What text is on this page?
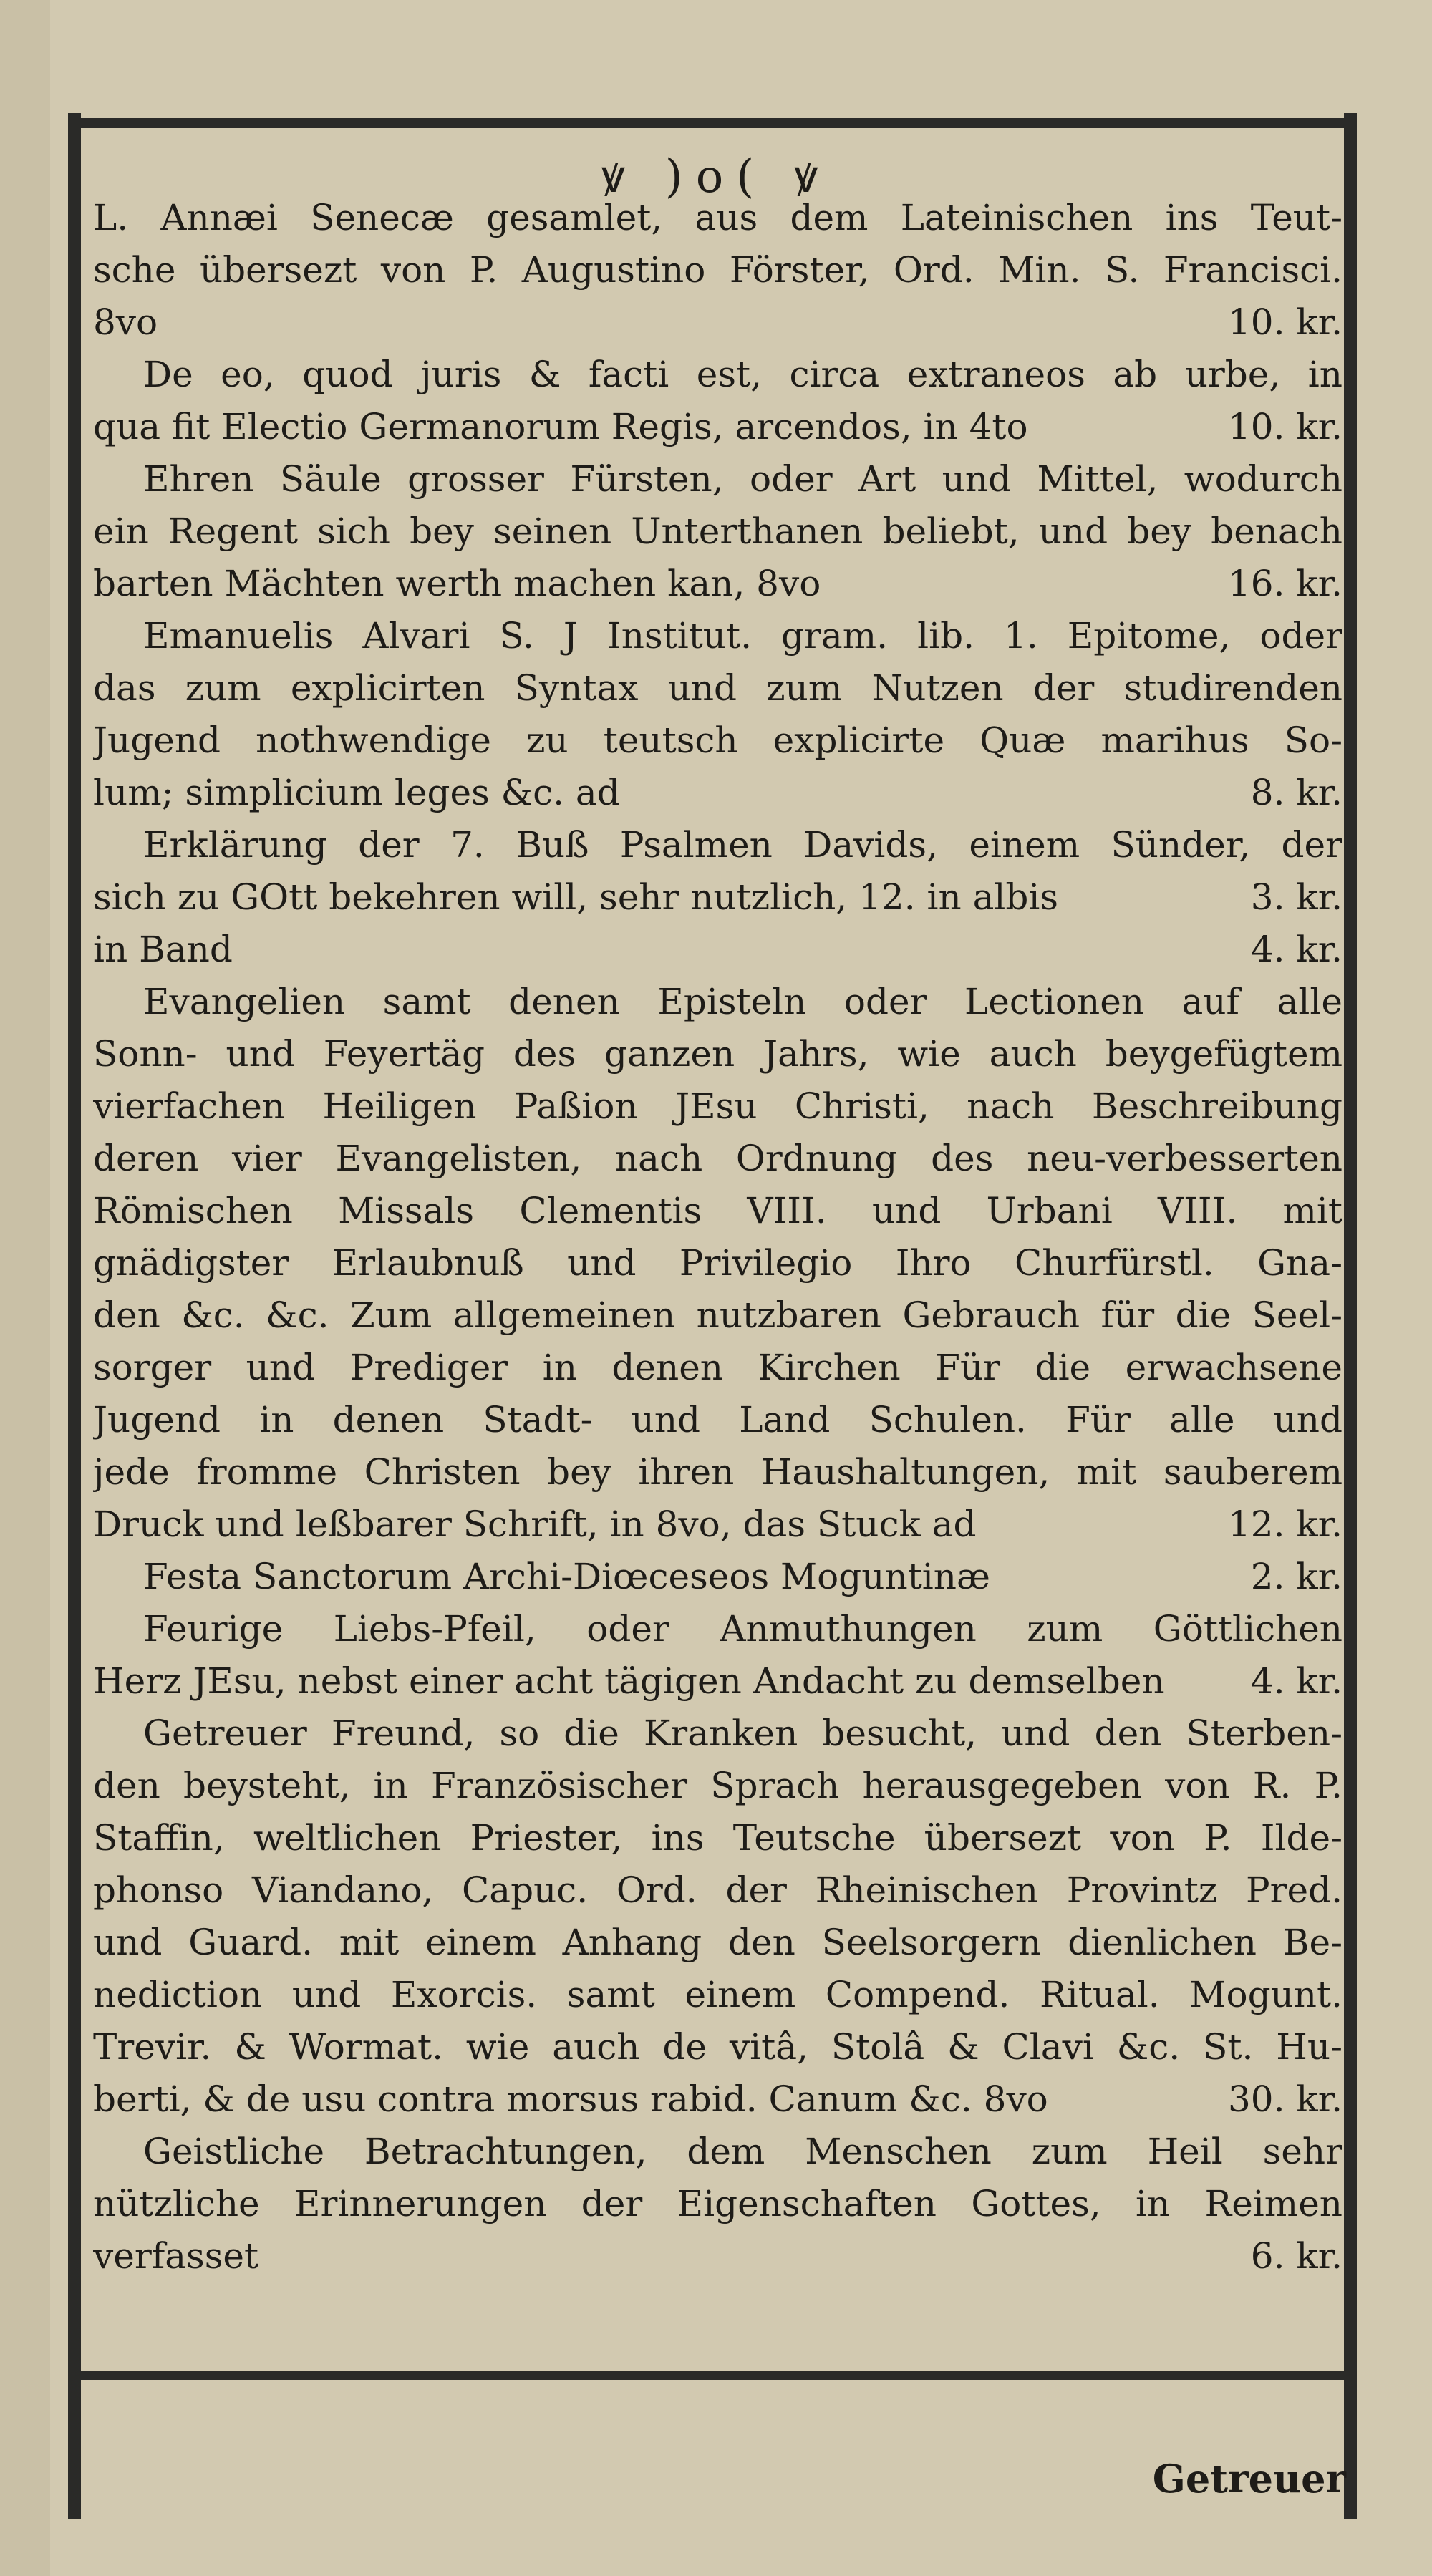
ꝟ )o( ꝟ
L. Annæi Senecæ gesamlet, aus dem Lateinischen ins Teut-
sche übersezt von P. Augustino Förster, Ord. Min. S. Francisci.
8vo	10. kr.
De eo, quod juris & facti est, circa extraneos ab urbe, in
qua fit Electio Germanorum Regis, arcendos, in 4to	10. kr.
Ehren Säule grosser Fürsten, oder Art und Mittel, wodurch
ein Regent sich bey seinen Unterthanen beliebt, und bey benach
barten Mächten werth machen kan, 8vo	16. kr.
Emanuelis Alvari S. J Institut. gram. lib. 1. Epitome, oder
das zum explicirten Syntax und zum Nutzen der studirenden
Jugend nothwendige zu teutsch explicirte Quæ marihus So-
lum; simplicium leges &c. ad	8. kr.
Erklärung der 7. Buß Psalmen Davids, einem Sünder, der
sich zu GOtt bekehren will, sehr nutzlich, 12. in albis	3. kr.
in Band	4. kr.
Evangelien samt denen Episteln oder Lectionen auf alle
Sonn- und Feyertäg des ganzen Jahrs, wie auch beygefügtem
vierfachen Heiligen Paßion JEsu Christi, nach Beschreibung
deren vier Evangelisten, nach Ordnung des neu-verbesserten
Römischen Missals Clementis VIII. und Urbani VIII. mit
gnädigster Erlaubnuß und Privilegio Ihro Churfürstl. Gna-
den &c. &c. Zum allgemeinen nutzbaren Gebrauch für die Seel-
sorger und Prediger in denen Kirchen Für die erwachsene
Jugend in denen Stadt- und Land Schulen. Für alle und
jede fromme Christen bey ihren Haushaltungen, mit sauberem
Druck und leßbarer Schrift, in 8vo, das Stuck ad	12. kr.
Festa Sanctorum Archi-Diœceseos Moguntinæ	2. kr.
Feurige Liebs-Pfeil, oder Anmuthungen zum Göttlichen
Herz JEsu, nebst einer acht tägigen Andacht zu demselben	4. kr.
Getreuer Freund, so die Kranken besucht, und den Sterben-
den beysteht, in Französischer Sprach herausgegeben von R. P.
Staffin, weltlichen Priester, ins Teutsche übersezt von P. Ilde-
phonso Viandano, Capuc. Ord. der Rheinischen Provintz Pred.
und Guard. mit einem Anhang den Seelsorgern dienlichen Be-
nediction und Exorcis. samt einem Compend. Ritual. Mogunt.
Trevir. & Wormat. wie auch de vitâ, Stolâ & Clavi &c. St. Hu-
berti, & de usu contra morsus rabid. Canum &c. 8vo	30. kr.
Geistliche Betrachtungen, dem Menschen zum Heil sehr
nützliche Erinnerungen der Eigenschaften Gottes, in Reimen
verfasset	6. kr.
Getreuer
